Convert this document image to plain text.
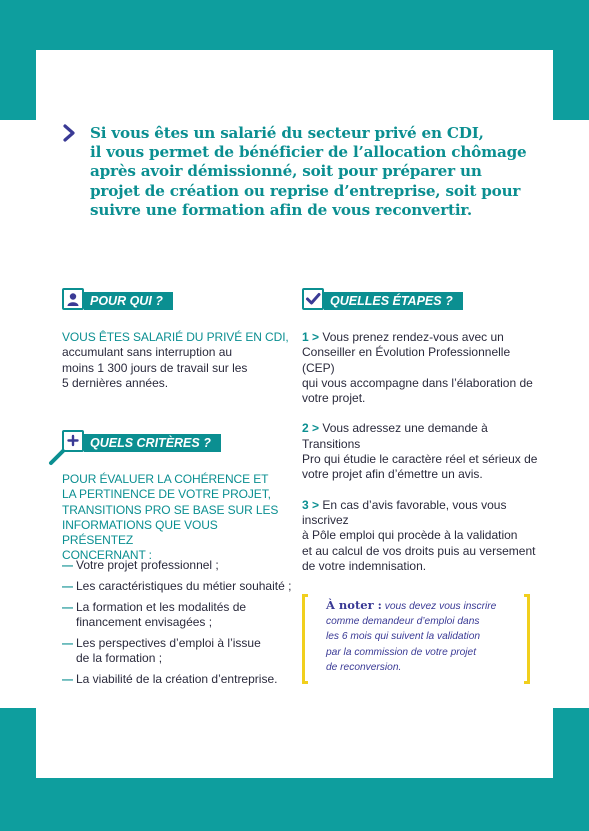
Si vous êtes un salarié du secteur privé en CDI,
il vous permet de bénéficier de l’allocation chômage
après avoir démissionné, soit pour préparer un
projet de création ou reprise d’entreprise, soit pour
suivre une formation afin de vous reconvertir.

POUR QUI ?
VOUS ÊTES SALARIÉ DU PRIVÉ EN CDI,
accumulant sans interruption au
moins 1 300 jours de travail sur les
5 dernières années.
QUELS CRITÈRES ?
POUR ÉVALUER LA COHÉRENCE ET
LA PERTINENCE DE VOTRE PROJET,
TRANSITIONS PRO SE BASE SUR LES
INFORMATIONS QUE VOUS PRÉSENTEZ
CONCERNANT :
— Votre projet professionnel ;
— Les caractéristiques du métier souhaité ;
— La formation et les modalités de
financement envisagées ;
— Les perspectives d’emploi à l’issue
de la formation ;
— La viabilité de la création d’entreprise.
QUELLES ÉTAPES ?
1 > Vous prenez rendez-vous avec un
Conseiller en Évolution Professionnelle (CEP)
qui vous accompagne dans l’élaboration de
votre projet.
2 > Vous adressez une demande à Transitions
Pro qui étudie le caractère réel et sérieux de
votre projet afin d’émettre un avis.
3 > En cas d’avis favorable, vous vous inscrivez
à Pôle emploi qui procède à la validation
et au calcul de vos droits puis au versement
de votre indemnisation.
À noter : vous devez vous inscrire
comme demandeur d’emploi dans
les 6 mois qui suivent la validation
par la commission de votre projet
de reconversion.
